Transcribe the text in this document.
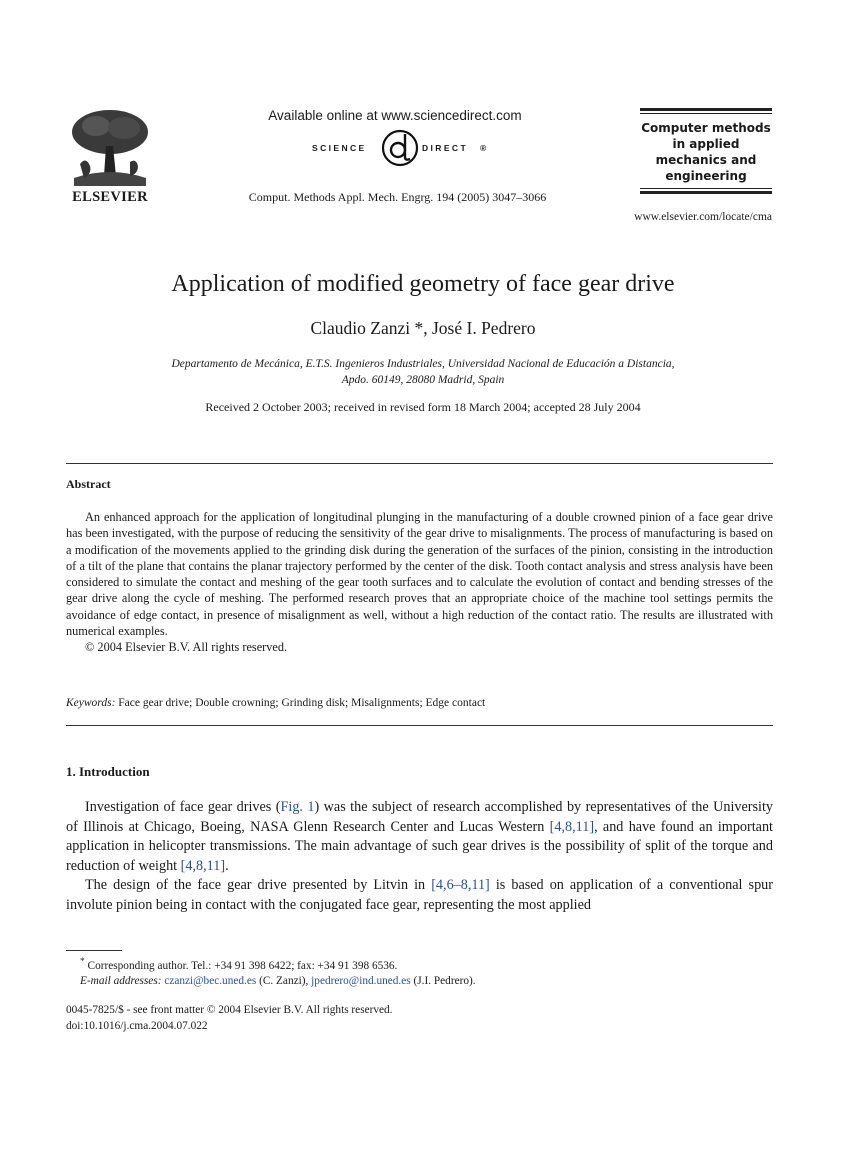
ELSEVIER
Available online at www.sciencedirect.com
SCIENCE	DIRECT ®
Comput. Methods Appl. Mech. Engrg. 194 (2005) 3047–3066
Computer methods
in applied
mechanics and
engineering
www.elsevier.com/locate/cma
Application of modified geometry of face gear drive
Claudio Zanzi *, José I. Pedrero
Departamento de Mecánica, E.T.S. Ingenieros Industriales, Universidad Nacional de Educación a Distancia,
Apdo. 60149, 28080 Madrid, Spain
Received 2 October 2003; received in revised form 18 March 2004; accepted 28 July 2004
Abstract

An enhanced approach for the application of longitudinal plunging in the manufacturing of a double crowned pinion of a face gear drive has been investigated, with the purpose of reducing the sensitivity of the gear drive to misalignments. The process of manufacturing is based on a modification of the movements applied to the grinding disk during the generation of the surfaces of the pinion, consisting in the introduction of a tilt of the plane that contains the planar trajectory performed by the center of the disk. Tooth contact analysis and stress analysis have been considered to simulate the contact and meshing of the gear tooth surfaces and to calculate the evolution of contact and bending stresses of the gear drive along the cycle of meshing. The performed research proves that an appropriate choice of the machine tool settings permits the avoidance of edge contact, in presence of misalignment as well, without a high reduction of the contact ratio. The results are illustrated with numerical examples.

© 2004 Elsevier B.V. All rights reserved.

Keywords: Face gear drive; Double crowning; Grinding disk; Misalignments; Edge contact
1. Introduction

Investigation of face gear drives (Fig. 1) was the subject of research accomplished by representatives of the University of Illinois at Chicago, Boeing, NASA Glenn Research Center and Lucas Western [4,8,11], and have found an important application in helicopter transmissions. The main advantage of such gear drives is the possibility of split of the torque and reduction of weight [4,8,11].

The design of the face gear drive presented by Litvin in [4,6–8,11] is based on application of a conventional spur involute pinion being in contact with the conjugated face gear, representing the most applied

* Corresponding author. Tel.: +34 91 398 6422; fax: +34 91 398 6536.
E-mail addresses: czanzi@bec.uned.es (C. Zanzi), jpedrero@ind.uned.es (J.I. Pedrero).
0045-7825/$ - see front matter © 2004 Elsevier B.V. All rights reserved.
doi:10.1016/j.cma.2004.07.022
